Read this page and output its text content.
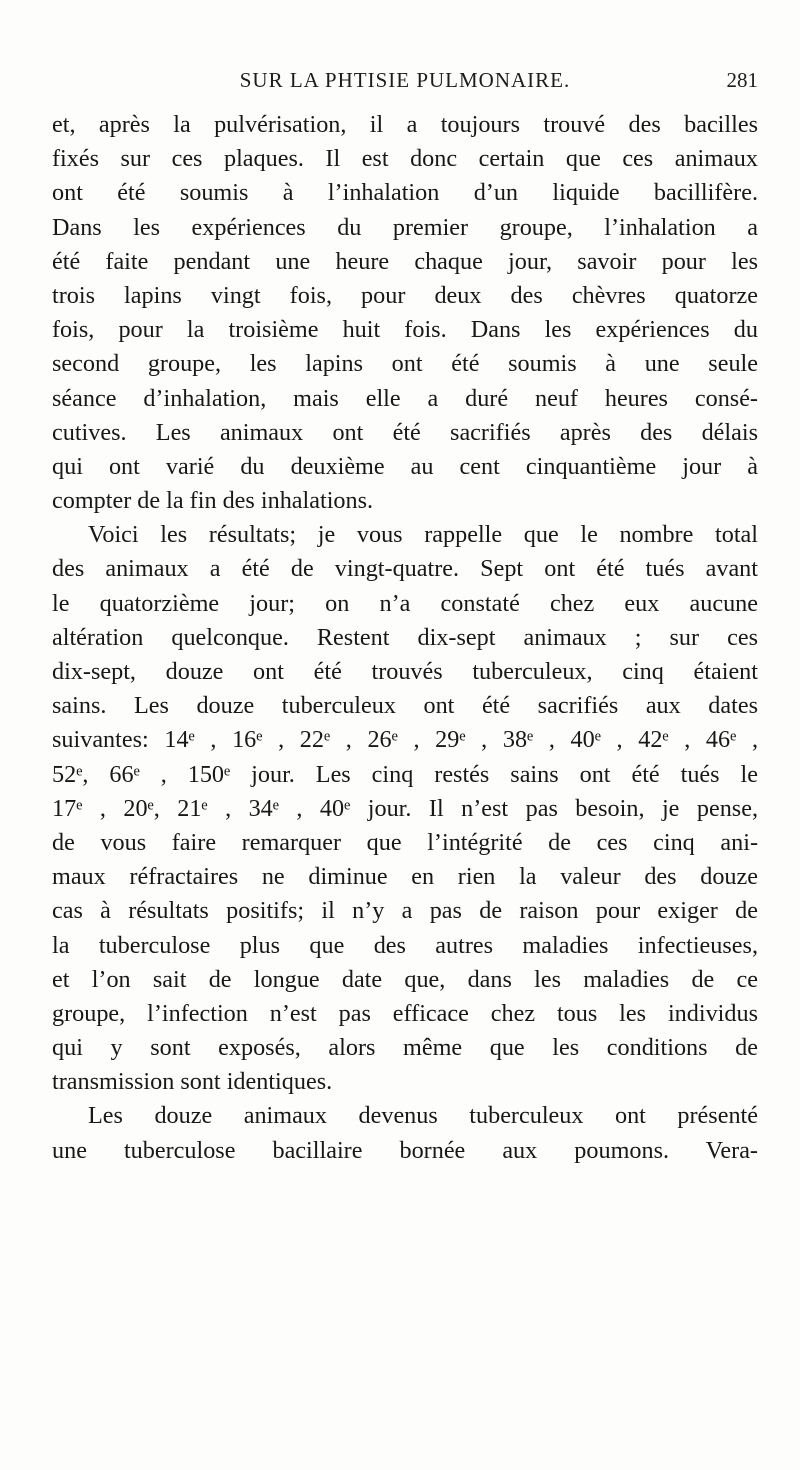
SUR LA PHTISIE PULMONAIRE.	281
et, après la pulvérisation, il a toujours trouvé des bacilles
fixés sur ces plaques. Il est donc certain que ces animaux
ont été soumis à l’inhalation d’un liquide bacillifère.
Dans les expériences du premier groupe, l’inhalation a
été faite pendant une heure chaque jour, savoir pour les
trois lapins vingt fois, pour deux des chèvres quatorze
fois, pour la troisième huit fois. Dans les expériences du
second groupe, les lapins ont été soumis à une seule
séance d’inhalation, mais elle a duré neuf heures consé-
cutives. Les animaux ont été sacrifiés après des délais
qui ont varié du deuxième au cent cinquantième jour à
compter de la fin des inhalations.
Voici les résultats; je vous rappelle que le nombre total
des animaux a été de vingt-quatre. Sept ont été tués avant
le quatorzième jour; on n’a constaté chez eux aucune
altération quelconque. Restent dix-sept animaux ; sur ces
dix-sept, douze ont été trouvés tuberculeux, cinq étaient
sains. Les douze tuberculeux ont été sacrifiés aux dates
suivantes: 14ᵉ , 16ᵉ , 22ᵉ , 26ᵉ , 29ᵉ , 38ᵉ , 40ᵉ , 42ᵉ , 46ᵉ ,
52ᵉ, 66ᵉ , 150ᵉ jour. Les cinq restés sains ont été tués le
17ᵉ , 20ᵉ, 21ᵉ , 34ᵉ , 40ᵉ jour. Il n’est pas besoin, je pense,
de vous faire remarquer que l’intégrité de ces cinq ani-
maux réfractaires ne diminue en rien la valeur des douze
cas à résultats positifs; il n’y a pas de raison pour exiger de
la tuberculose plus que des autres maladies infectieuses,
et l’on sait de longue date que, dans les maladies de ce
groupe, l’infection n’est pas efficace chez tous les individus
qui y sont exposés, alors même que les conditions de
transmission sont identiques.
Les douze animaux devenus tuberculeux ont présenté
une tuberculose bacillaire bornée aux poumons. Vera-
